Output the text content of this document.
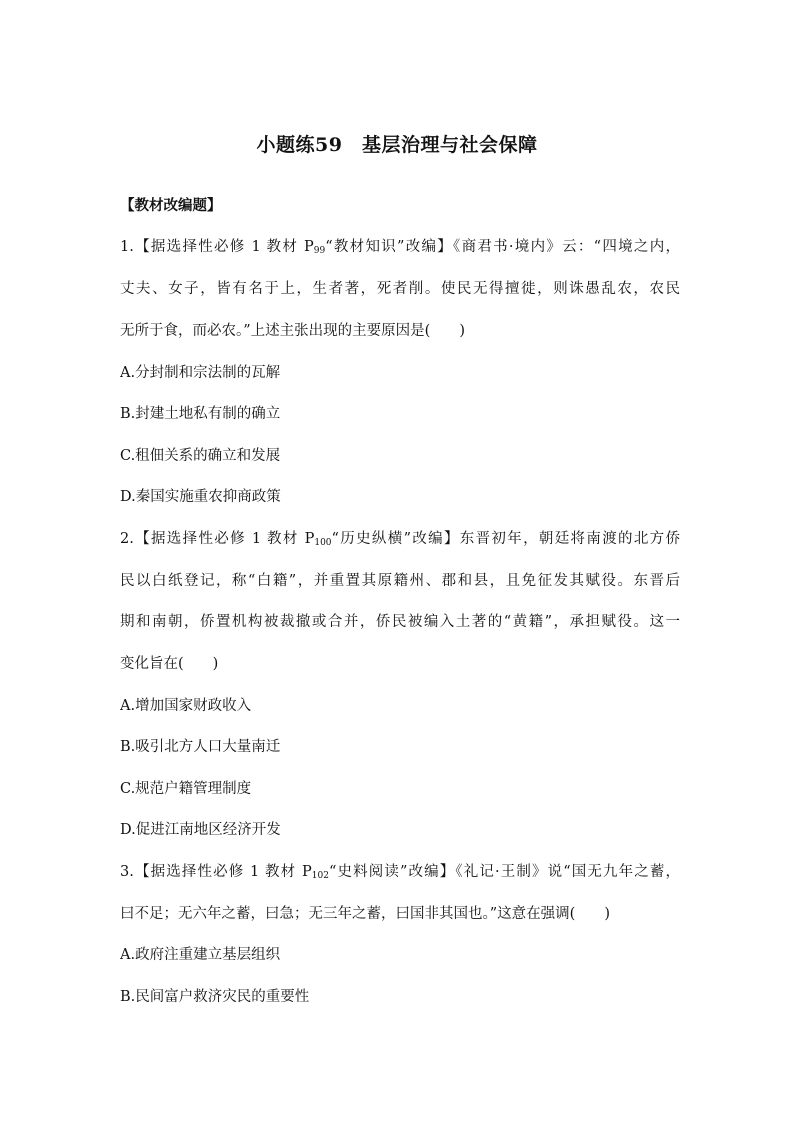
小题练59　基层治理与社会保障
【教材改编题】
1.【据选择性必修 1 教材 $P_{99}“$教材知识”改编】《商君书·境内》云：“四境之内，
丈夫、女子，皆有名于上，生者著，死者削。使民无得擅徙，则诛愚乱农，农民
无所于食，而必农。”上述主张出现的主要原因是(　　)
A.分封制和宗法制的瓦解
B.封建土地私有制的确立
C.租佃关系的确立和发展
D.秦国实施重农抑商政策
2.【据选择性必修 1 教材 $P_{100}“$历史纵横”改编】东晋初年，朝廷将南渡的北方侨
民以白纸登记，称“白籍”，并重置其原籍州、郡和县，且免征发其赋役。东晋后
期和南朝，侨置机构被裁撤或合并，侨民被编入土著的“黄籍”，承担赋役。这一
变化旨在(　　)
A.增加国家财政收入
B.吸引北方人口大量南迁
C.规范户籍管理制度
D.促进江南地区经济开发
3.【据选择性必修 1 教材 $P_{102}“$史料阅读”改编】《礼记·王制》说“国无九年之蓄，
曰不足；无六年之蓄，曰急；无三年之蓄，曰国非其国也。”这意在强调(　　)
A.政府注重建立基层组织
B.民间富户救济灾民的重要性
